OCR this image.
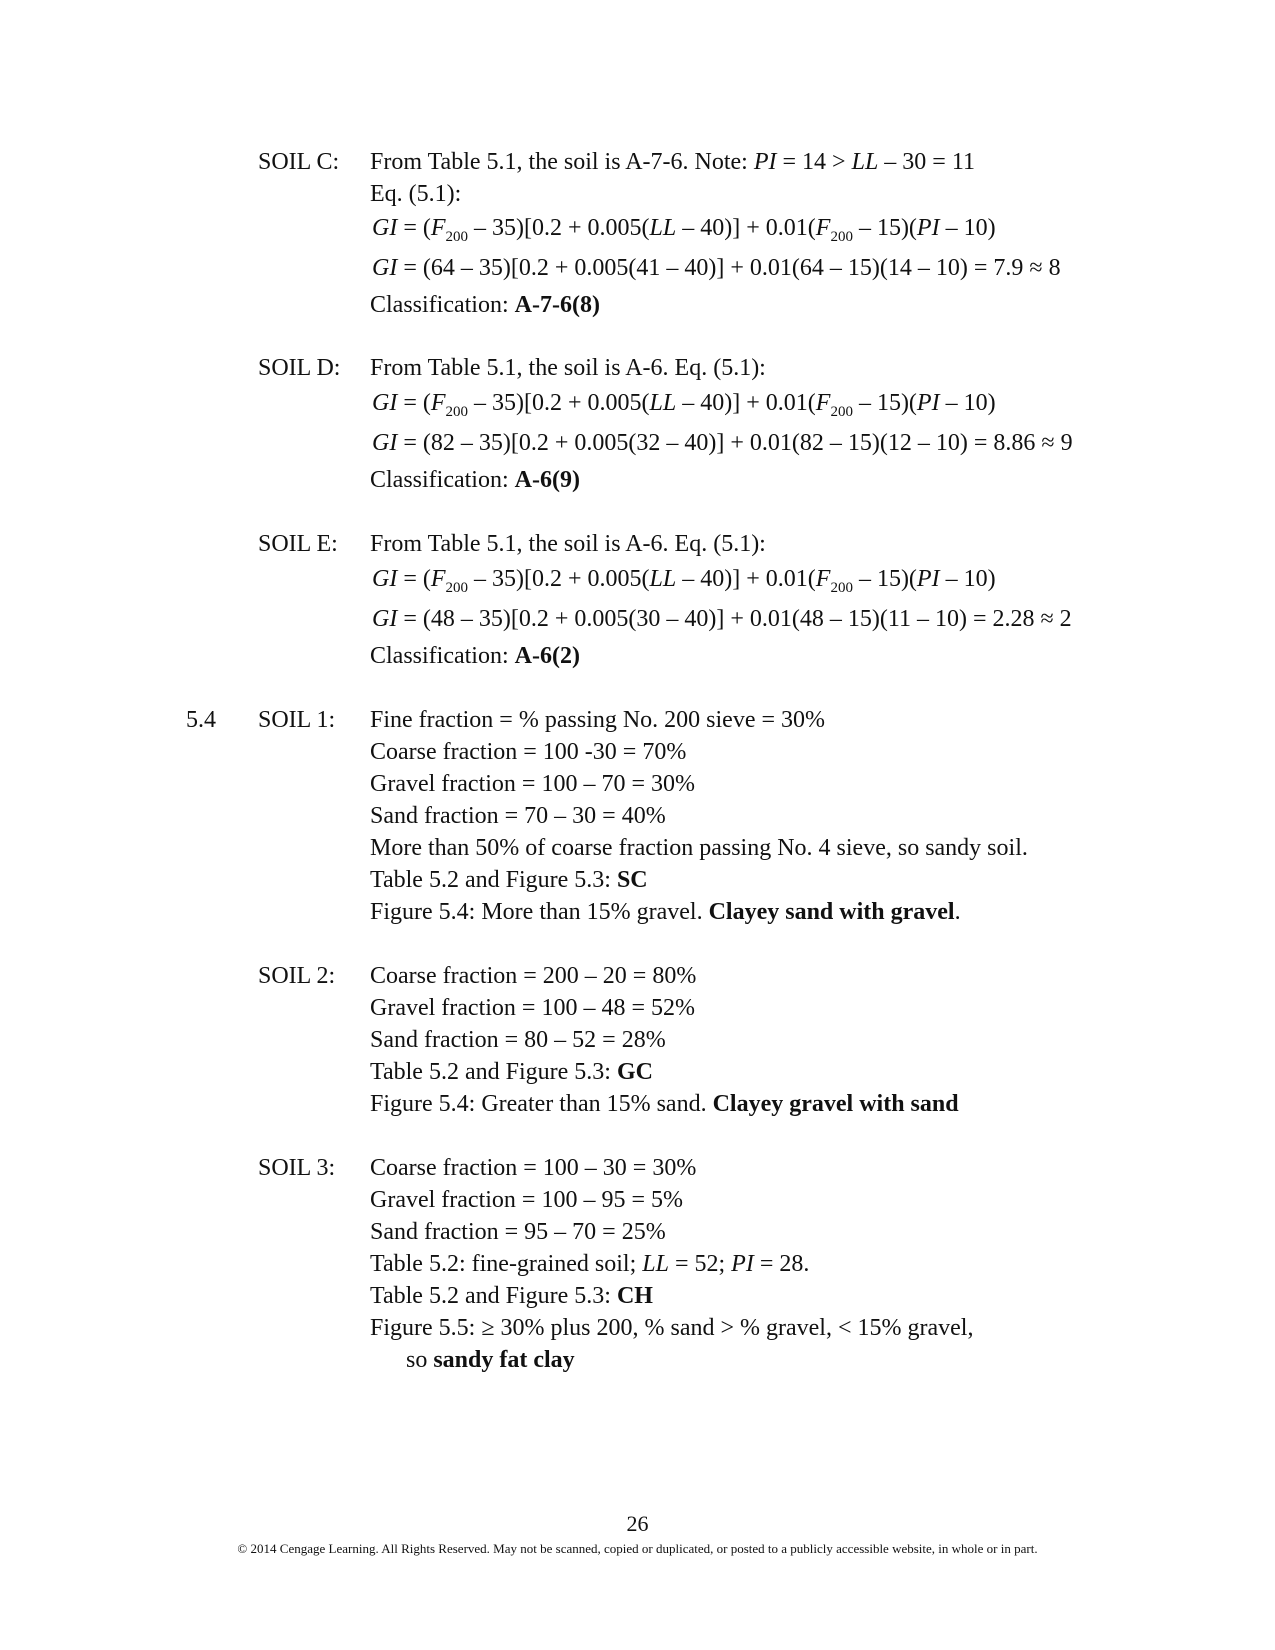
SOIL C: From Table 5.1, the soil is A-7-6. Note: PI = 14 > LL – 30 = 11
Eq. (5.1):
GI = $(F_{200} - 35)[0.2 + 0.005(LL - 40)] + 0.01(F_{200} - 15)(PI - 10)$
GI = (64 – 35)[0.2 + 0.005(41 – 40)] + 0.01(64 – 15)(14 – 10) = 7.9 ≈ 8
Classification: A-7-6(8)
SOIL D: From Table 5.1, the soil is A-6. Eq. (5.1):
GI = $(F_{200} - 35)[0.2 + 0.005(LL - 40)] + 0.01(F_{200} - 15)(PI - 10)$
GI = (82 – 35)[0.2 + 0.005(32 – 40)] + 0.01(82 – 15)(12 – 10) = 8.86 ≈ 9
Classification: A-6(9)
SOIL E: From Table 5.1, the soil is A-6. Eq. (5.1):
GI = $(F_{200} - 35)[0.2 + 0.005(LL - 40)] + 0.01(F_{200} - 15)(PI - 10)$
GI = (48 – 35)[0.2 + 0.005(30 – 40)] + 0.01(48 – 15)(11 – 10) = 2.28 ≈ 2
Classification: A-6(2)
5.4 SOIL 1: Fine fraction = % passing No. 200 sieve = 30%
Coarse fraction = 100 -30 = 70%
Gravel fraction = 100 – 70 = 30%
Sand fraction = 70 – 30 = 40%
More than 50% of coarse fraction passing No. 4 sieve, so sandy soil.
Table 5.2 and Figure 5.3: SC
Figure 5.4: More than 15% gravel. Clayey sand with gravel.
SOIL 2: Coarse fraction = 200 – 20 = 80%
Gravel fraction = 100 – 48 = 52%
Sand fraction = 80 – 52 = 28%
Table 5.2 and Figure 5.3: GC
Figure 5.4: Greater than 15% sand. Clayey gravel with sand
SOIL 3: Coarse fraction = 100 – 30 = 30%
Gravel fraction = 100 – 95 = 5%
Sand fraction = 95 – 70 = 25%
Table 5.2: fine-grained soil; LL = 52; PI = 28.
Table 5.2 and Figure 5.3: CH
Figure 5.5: ≥ 30% plus 200, % sand > % gravel, < 15% gravel,
so sandy fat clay
26
© 2014 Cengage Learning. All Rights Reserved. May not be scanned, copied or duplicated, or posted to a publicly accessible website, in whole or in part.
